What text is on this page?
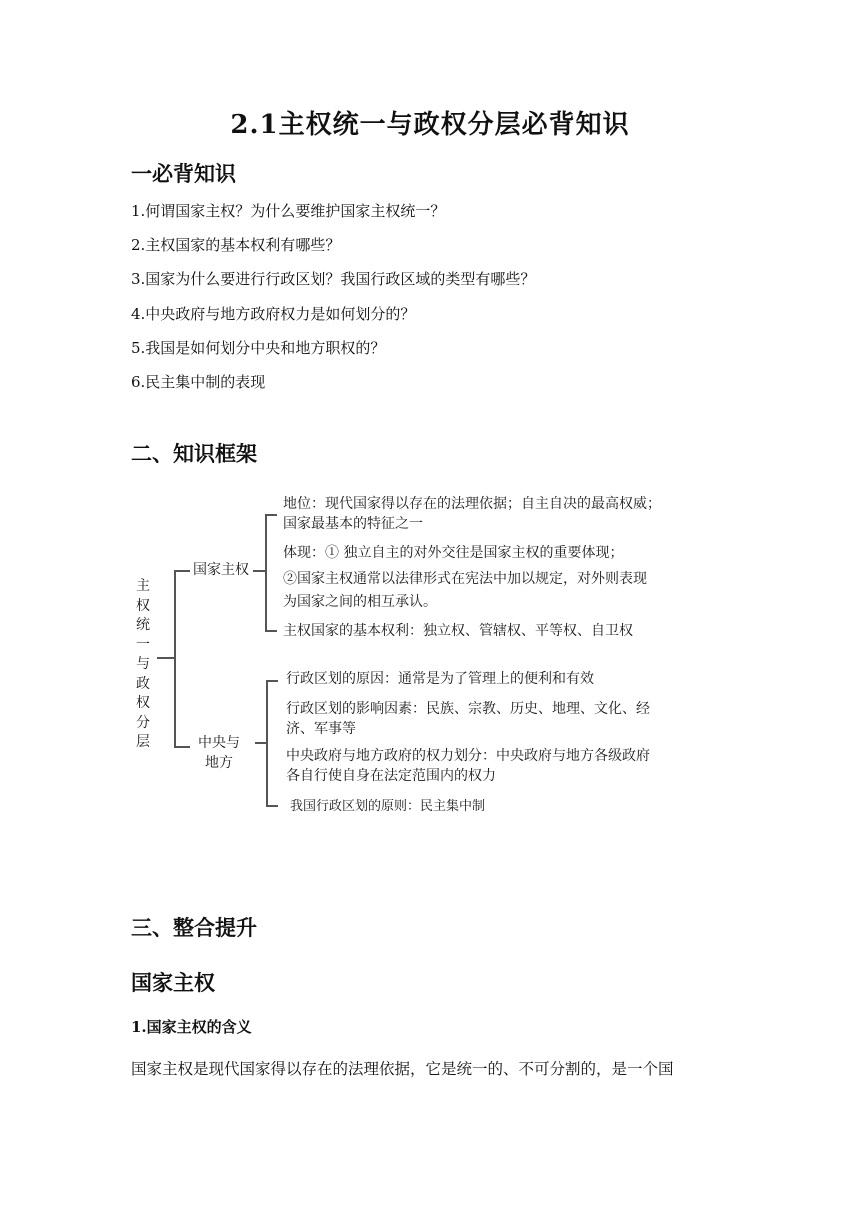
2.1主权统一与政权分层必背知识
一必背知识
1.何谓国家主权？为什么要维护国家主权统一？
2.主权国家的基本权利有哪些？
3.国家为什么要进行行政区划？我国行政区域的类型有哪些？
4.中央政府与地方政府权力是如何划分的？
5.我国是如何划分中央和地方职权的？
6.民主集中制的表现
二、知识框架
主
权
统
一
与
政
权
分
层
国家主权
地位：现代国家得以存在的法理依据；自主自决的最高权威；
国家最基本的特征之一
体现：① 独立自主的对外交往是国家主权的重要体现；
②国家主权通常以法律形式在宪法中加以规定，对外则表现
为国家之间的相互承认。
主权国家的基本权利：独立权、管辖权、平等权、自卫权
中央与
地方
行政区划的原因：通常是为了管理上的便利和有效
行政区划的影响因素：民族、宗教、历史、地理、文化、经
济、军事等
中央政府与地方政府的权力划分：中央政府与地方各级政府
各自行使自身在法定范围内的权力
我国行政区划的原则：民主集中制
三、整合提升
国家主权
1.国家主权的含义

国家主权是现代国家得以存在的法理依据，它是统一的、不可分割的，是一个国
